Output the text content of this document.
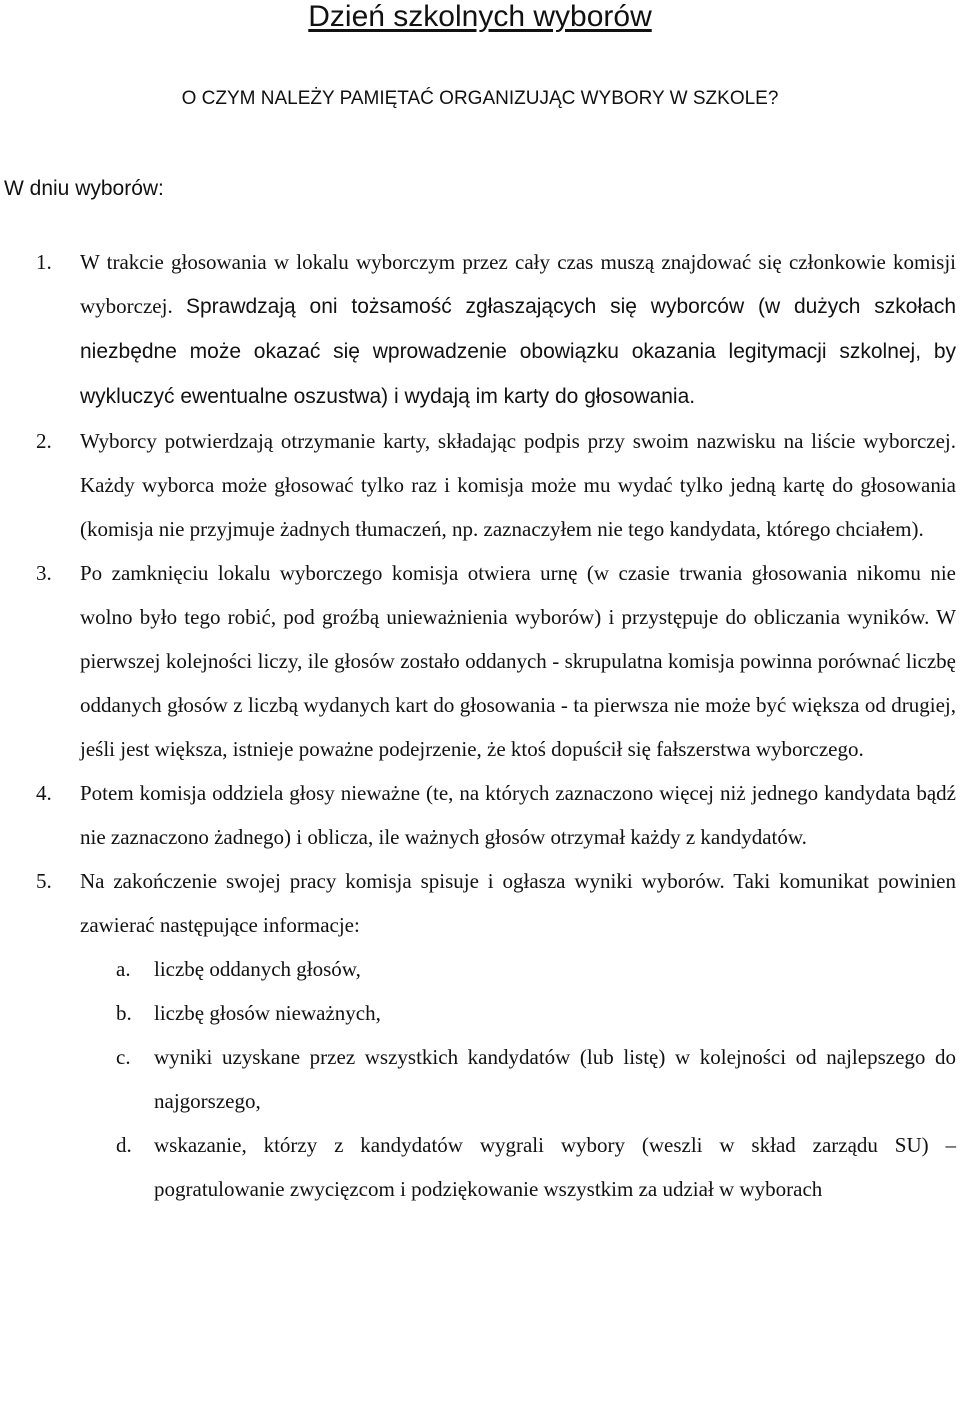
Dzień szkolnych wyborów
O CZYM NALEŻY PAMIĘTAĆ ORGANIZUJĄC WYBORY W SZKOLE?
W dniu wyborów:
1. W trakcie głosowania w lokalu wyborczym przez cały czas muszą znajdować się członkowie komisji wyborczej. Sprawdzają oni tożsamość zgłaszających się wyborców (w dużych szkołach niezbędne może okazać się wprowadzenie obowiązku okazania legitymacji szkolnej, by wykluczyć ewentualne oszustwa) i wydają im karty do głosowania.

2. Wyborcy potwierdzają otrzymanie karty, składając podpis przy swoim nazwisku na liście wyborczej. Każdy wyborca może głosować tylko raz i komisja może mu wydać tylko jedną kartę do głosowania (komisja nie przyjmuje żadnych tłumaczeń, np. zaznaczyłem nie tego kandydata, którego chciałem).

3. Po zamknięciu lokalu wyborczego komisja otwiera urnę (w czasie trwania głosowania nikomu nie wolno było tego robić, pod groźbą unieważnienia wyborów) i przystępuje do obliczania wyników. W pierwszej kolejności liczy, ile głosów zostało oddanych - skrupulatna komisja powinna porównać liczbę oddanych głosów z liczbą wydanych kart do głosowania - ta pierwsza nie może być większa od drugiej, jeśli jest większa, istnieje poważne podejrzenie, że ktoś dopuścił się fałszerstwa wyborczego.

4. Potem komisja oddziela głosy nieważne (te, na których zaznaczono więcej niż jednego kandydata bądź nie zaznaczono żadnego) i oblicza, ile ważnych głosów otrzymał każdy z kandydatów.

5. Na zakończenie swojej pracy komisja spisuje i ogłasza wyniki wyborów. Taki komunikat powinien zawierać następujące informacje:

a. liczbę oddanych głosów,

b. liczbę głosów nieważnych,

c. wyniki uzyskane przez wszystkich kandydatów (lub listę) w kolejności od najlepszego do najgorszego,

d. wskazanie, którzy z kandydatów wygrali wybory (weszli w skład zarządu SU) – pogratulowanie zwycięzcom i podziękowanie wszystkim za udział w wyborach
